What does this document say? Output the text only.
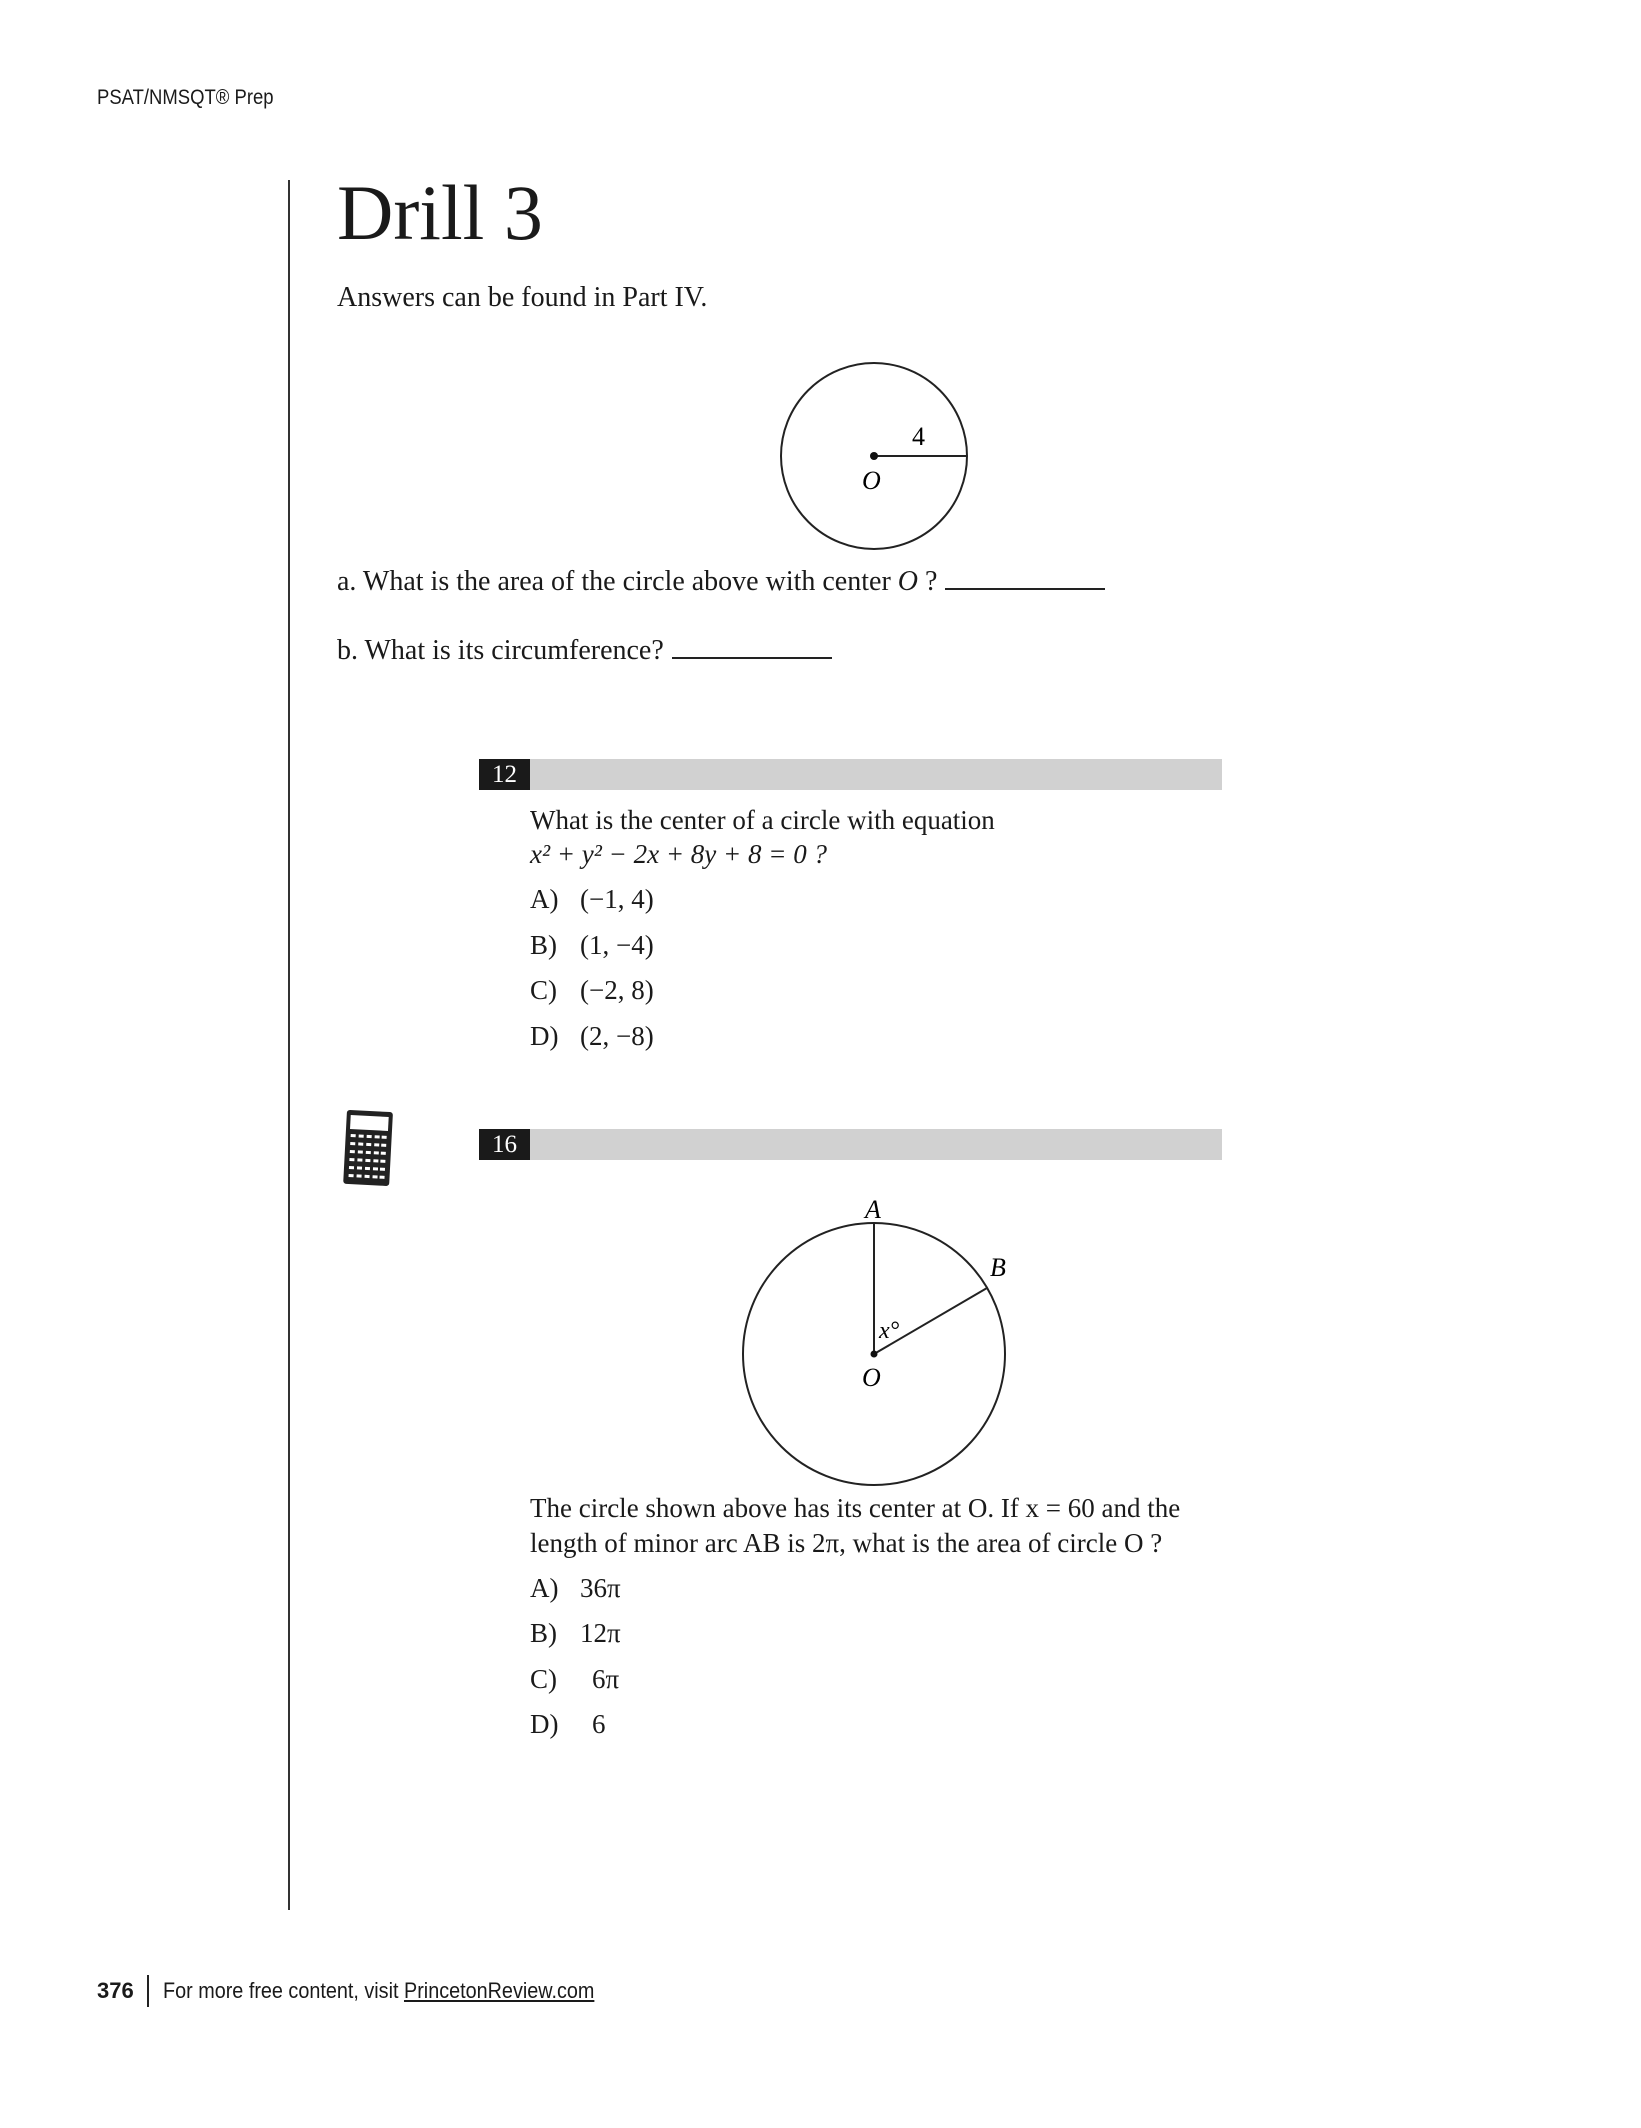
PSAT/NMSQT® Prep
Drill 3
Answers can be found in Part IV.
4
O
a. What is the area of the circle above with center O ?
b. What is its circumference?
12
What is the center of a circle with equation
x² + y² − 2x + 8y + 8 = 0 ?
A) (−1, 4)
B) (1, −4)
C) (−2, 8)
D) (2, −8)
16
A
B
x°
O
The circle shown above has its center at O. If x = 60 and the
length of minor arc AB is 2π, what is the area of circle O ?
A) 36π
B) 12π
C) 6π
D) 6
376 For more free content, visit PrincetonReview.com
